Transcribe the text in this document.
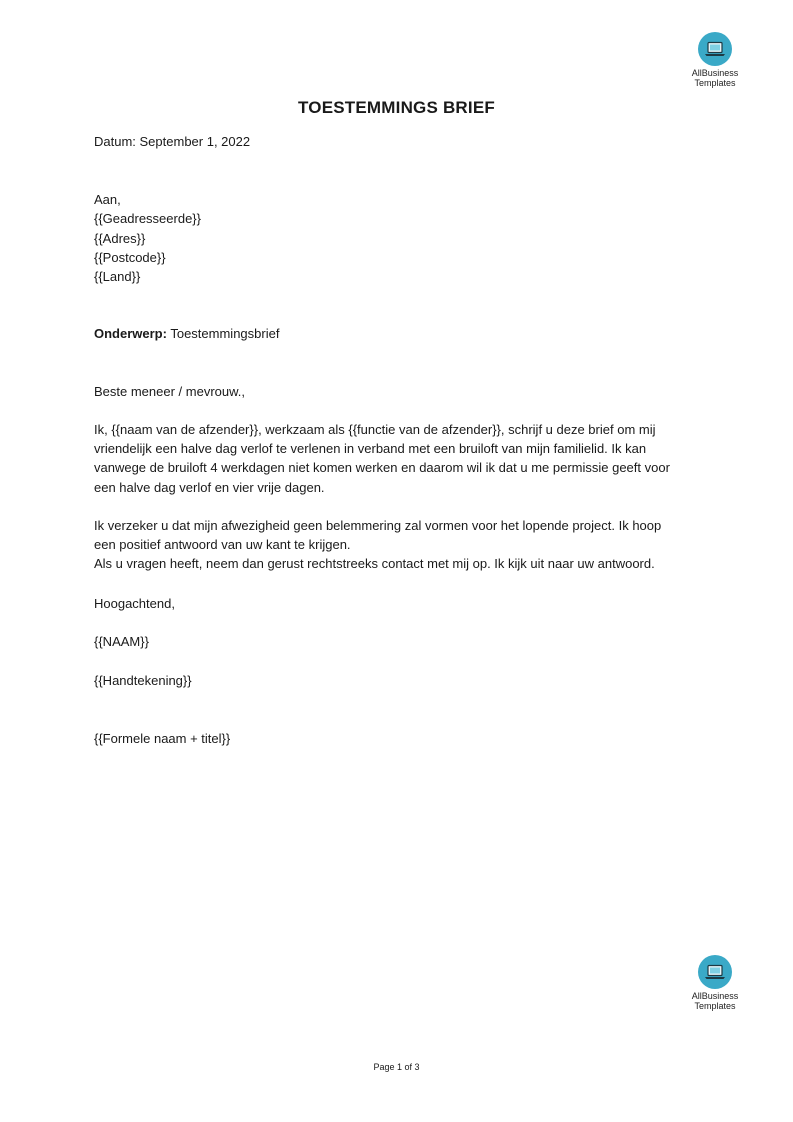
AllBusiness
Templates
TOESTEMMINGS BRIEF
Datum: September 1, 2022
Aan,
{{Geadresseerde}}
{{Adres}}
{{Postcode}}
{{Land}}
Onderwerp: Toestemmingsbrief
Beste meneer / mevrouw.,
Ik, {{naam van de afzender}}, werkzaam als {{functie van de afzender}}, schrijf u deze brief om mij
vriendelijk een halve dag verlof te verlenen in verband met een bruiloft van mijn familielid. Ik kan
vanwege de bruiloft 4 werkdagen niet komen werken en daarom wil ik dat u me permissie geeft voor
een halve dag verlof en vier vrije dagen.
Ik verzeker u dat mijn afwezigheid geen belemmering zal vormen voor het lopende project. Ik hoop
een positief antwoord van uw kant te krijgen.
Als u vragen heeft, neem dan gerust rechtstreeks contact met mij op. Ik kijk uit naar uw antwoord.
Hoogachtend,
{{NAAM}}
{{Handtekening}}
{{Formele naam + titel}}
AllBusiness
Templates
Page 1 of 3
